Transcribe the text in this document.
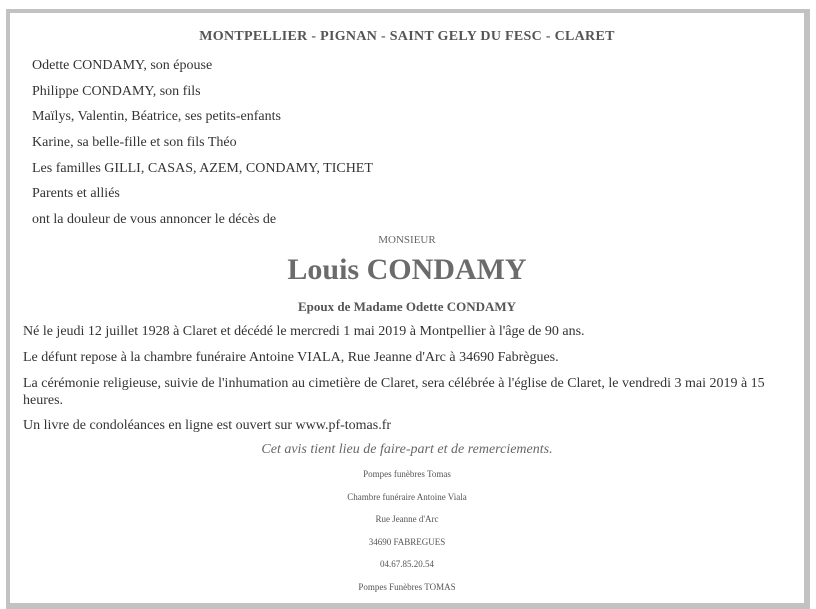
MONTPELLIER - PIGNAN - SAINT GELY DU FESC - CLARET
Odette CONDAMY, son épouse
Philippe CONDAMY, son fils
Maïlys, Valentin, Béatrice, ses petits-enfants
Karine, sa belle-fille et son fils Théo
Les familles GILLI, CASAS, AZEM, CONDAMY, TICHET
Parents et alliés
ont la douleur de vous annoncer le décès de
MONSIEUR
Louis CONDAMY
Epoux de Madame Odette CONDAMY
Né le jeudi 12 juillet 1928 à Claret et décédé le mercredi 1 mai 2019 à Montpellier à l'âge de 90 ans.
Le défunt repose à la chambre funéraire Antoine VIALA, Rue Jeanne d'Arc à 34690 Fabrègues.
La cérémonie religieuse, suivie de l'inhumation au cimetière de Claret, sera célébrée à l'église de Claret, le vendredi 3 mai 2019 à 15 heures.
Un livre de condoléances en ligne est ouvert sur www.pf-tomas.fr
Cet avis tient lieu de faire-part et de remerciements.
Pompes funèbres Tomas
Chambre funéraire Antoine Viala
Rue Jeanne d'Arc
34690 FABREGUES
04.67.85.20.54
Pompes Funèbres TOMAS
